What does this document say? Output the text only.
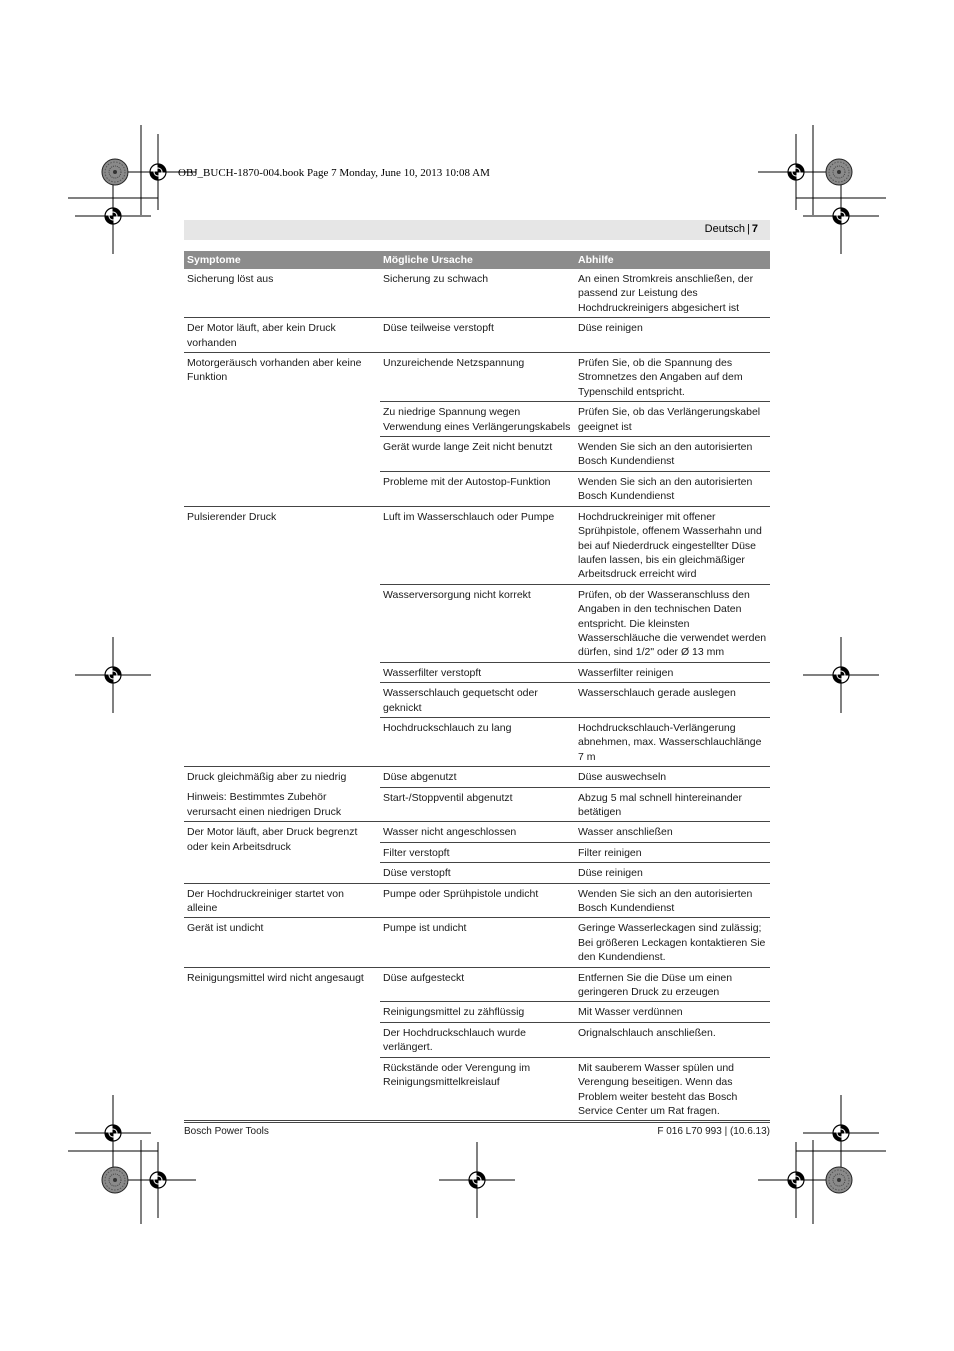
OBJ_BUCH-1870-004.book Page 7 Monday, June 10, 2013 10:08 AM
Deutsch | 7
Symptome	Mögliche Ursache	Abhilfe
Sicherung löst aus	Sicherung zu schwach	An einen Stromkreis anschließen, der passend zur Leistung des Hochdruckreinigers abgesichert ist
Der Motor läuft, aber kein Druck vorhanden	Düse teilweise verstopft	Düse reinigen
Motorgeräusch vorhanden aber keine Funktion	Unzureichende Netzspannung	Prüfen Sie, ob die Spannung des Stromnetzes den Angaben auf dem Typenschild entspricht.
	Zu niedrige Spannung wegen Verwendung eines Verlängerungskabels	Prüfen Sie, ob das Verlängerungskabel geeignet ist
	Gerät wurde lange Zeit nicht benutzt	Wenden Sie sich an den autorisierten Bosch Kundendienst
	Probleme mit der Autostop-Funktion	Wenden Sie sich an den autorisierten Bosch Kundendienst
Pulsierender Druck	Luft im Wasserschlauch oder Pumpe	Hochdruckreiniger mit offener Sprühpistole, offenem Wasserhahn und bei auf Niederdruck eingestellter Düse laufen lassen, bis ein gleichmäßiger Arbeitsdruck erreicht wird
	Wasserversorgung nicht korrekt	Prüfen, ob der Wasseranschluss den Angaben in den technischen Daten entspricht. Die kleinsten Wasserschläuche die verwendet werden dürfen, sind 1/2" oder Ø 13 mm
	Wasserfilter verstopft	Wasserfilter reinigen
	Wasserschlauch gequetscht oder geknickt	Wasserschlauch gerade auslegen
	Hochdruckschlauch zu lang	Hochdruckschlauch-Verlängerung abnehmen, max. Wasserschlauchlänge 7 m
Druck gleichmäßig aber zu niedrig	Düse abgenutzt	Düse auswechseln
Hinweis: Bestimmtes Zubehör verursacht einen niedrigen Druck	Start-/Stoppventil abgenutzt	Abzug 5 mal schnell hintereinander betätigen
Der Motor läuft, aber Druck begrenzt oder kein Arbeitsdruck	Wasser nicht angeschlossen	Wasser anschließen
	Filter verstopft	Filter reinigen
	Düse verstopft	Düse reinigen
Der Hochdruckreiniger startet von alleine	Pumpe oder Sprühpistole undicht	Wenden Sie sich an den autorisierten Bosch Kundendienst
Gerät ist undicht	Pumpe ist undicht	Geringe Wasserleckagen sind zulässig; Bei größeren Leckagen kontaktieren Sie den Kundendienst.
Reinigungsmittel wird nicht angesaugt	Düse aufgesteckt	Entfernen Sie die Düse um einen geringeren Druck zu erzeugen
	Reinigungsmittel zu zähflüssig	Mit Wasser verdünnen
	Der Hochdruckschlauch wurde verlängert.	Orignalschlauch anschließen.
	Rückstände oder Verengung im Reinigungsmittelkreislauf	Mit sauberem Wasser spülen und Verengung beseitigen. Wenn das Problem weiter besteht das Bosch Service Center um Rat fragen.
Bosch Power Tools	F 016 L70 993 | (10.6.13)
